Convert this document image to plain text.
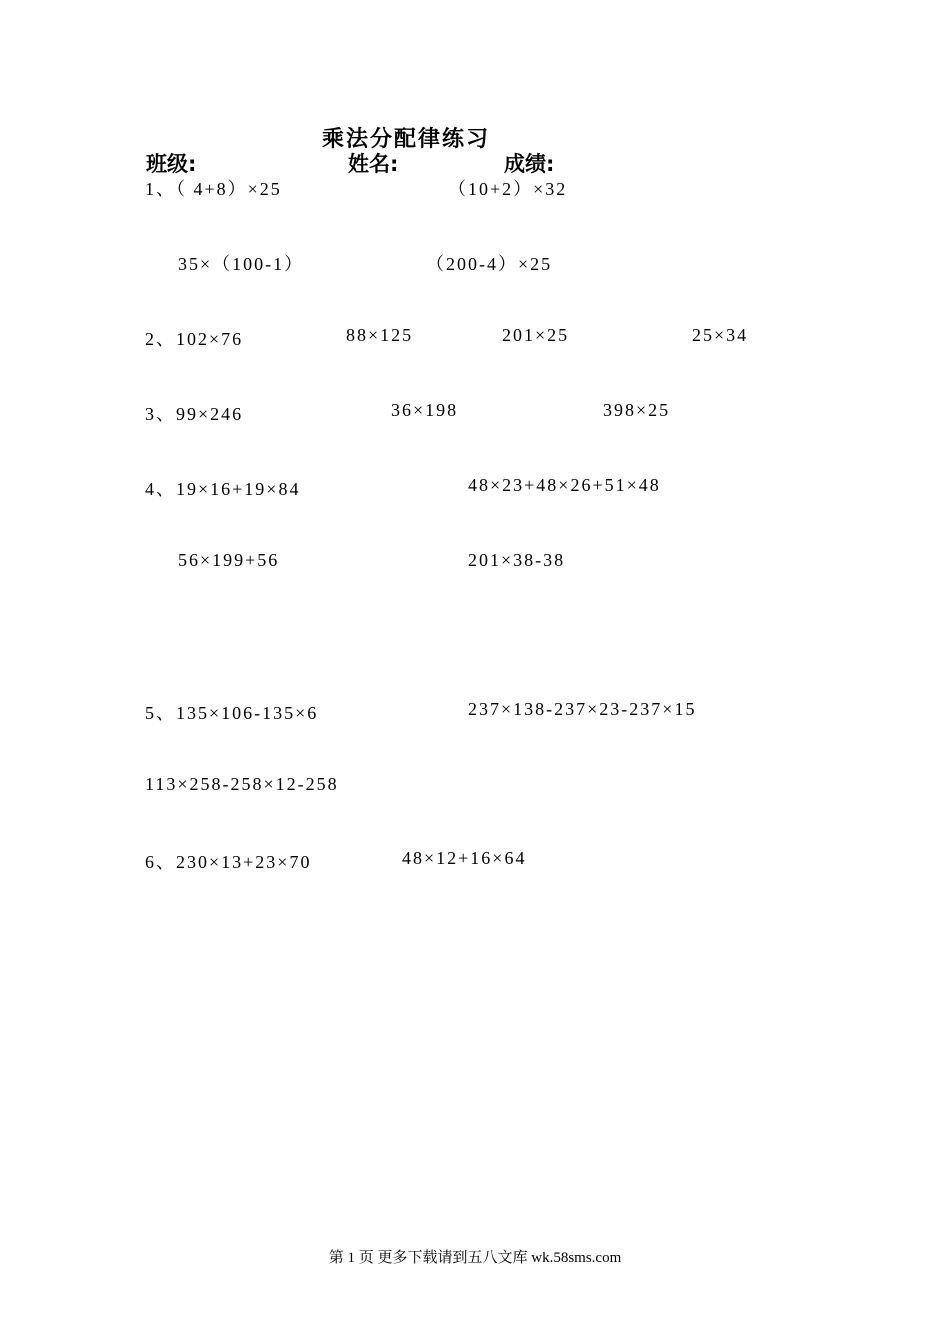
乘法分配律练习
班级:	姓名:	成绩:
1、（ 4+8）×25	（10+2）×32
35×（100-1）	（200-4）×25
2、102×76	88×125	201×25	25×34
3、99×246	36×198	398×25
4、19×16+19×84	48×23+48×26+51×48
56×199+56	201×38-38
5、135×106-135×6	237×138-237×23-237×15
113×258-258×12-258
6、230×13+23×70	48×12+16×64
第 1 页 更多下载请到五八文库 wk.58sms.com
